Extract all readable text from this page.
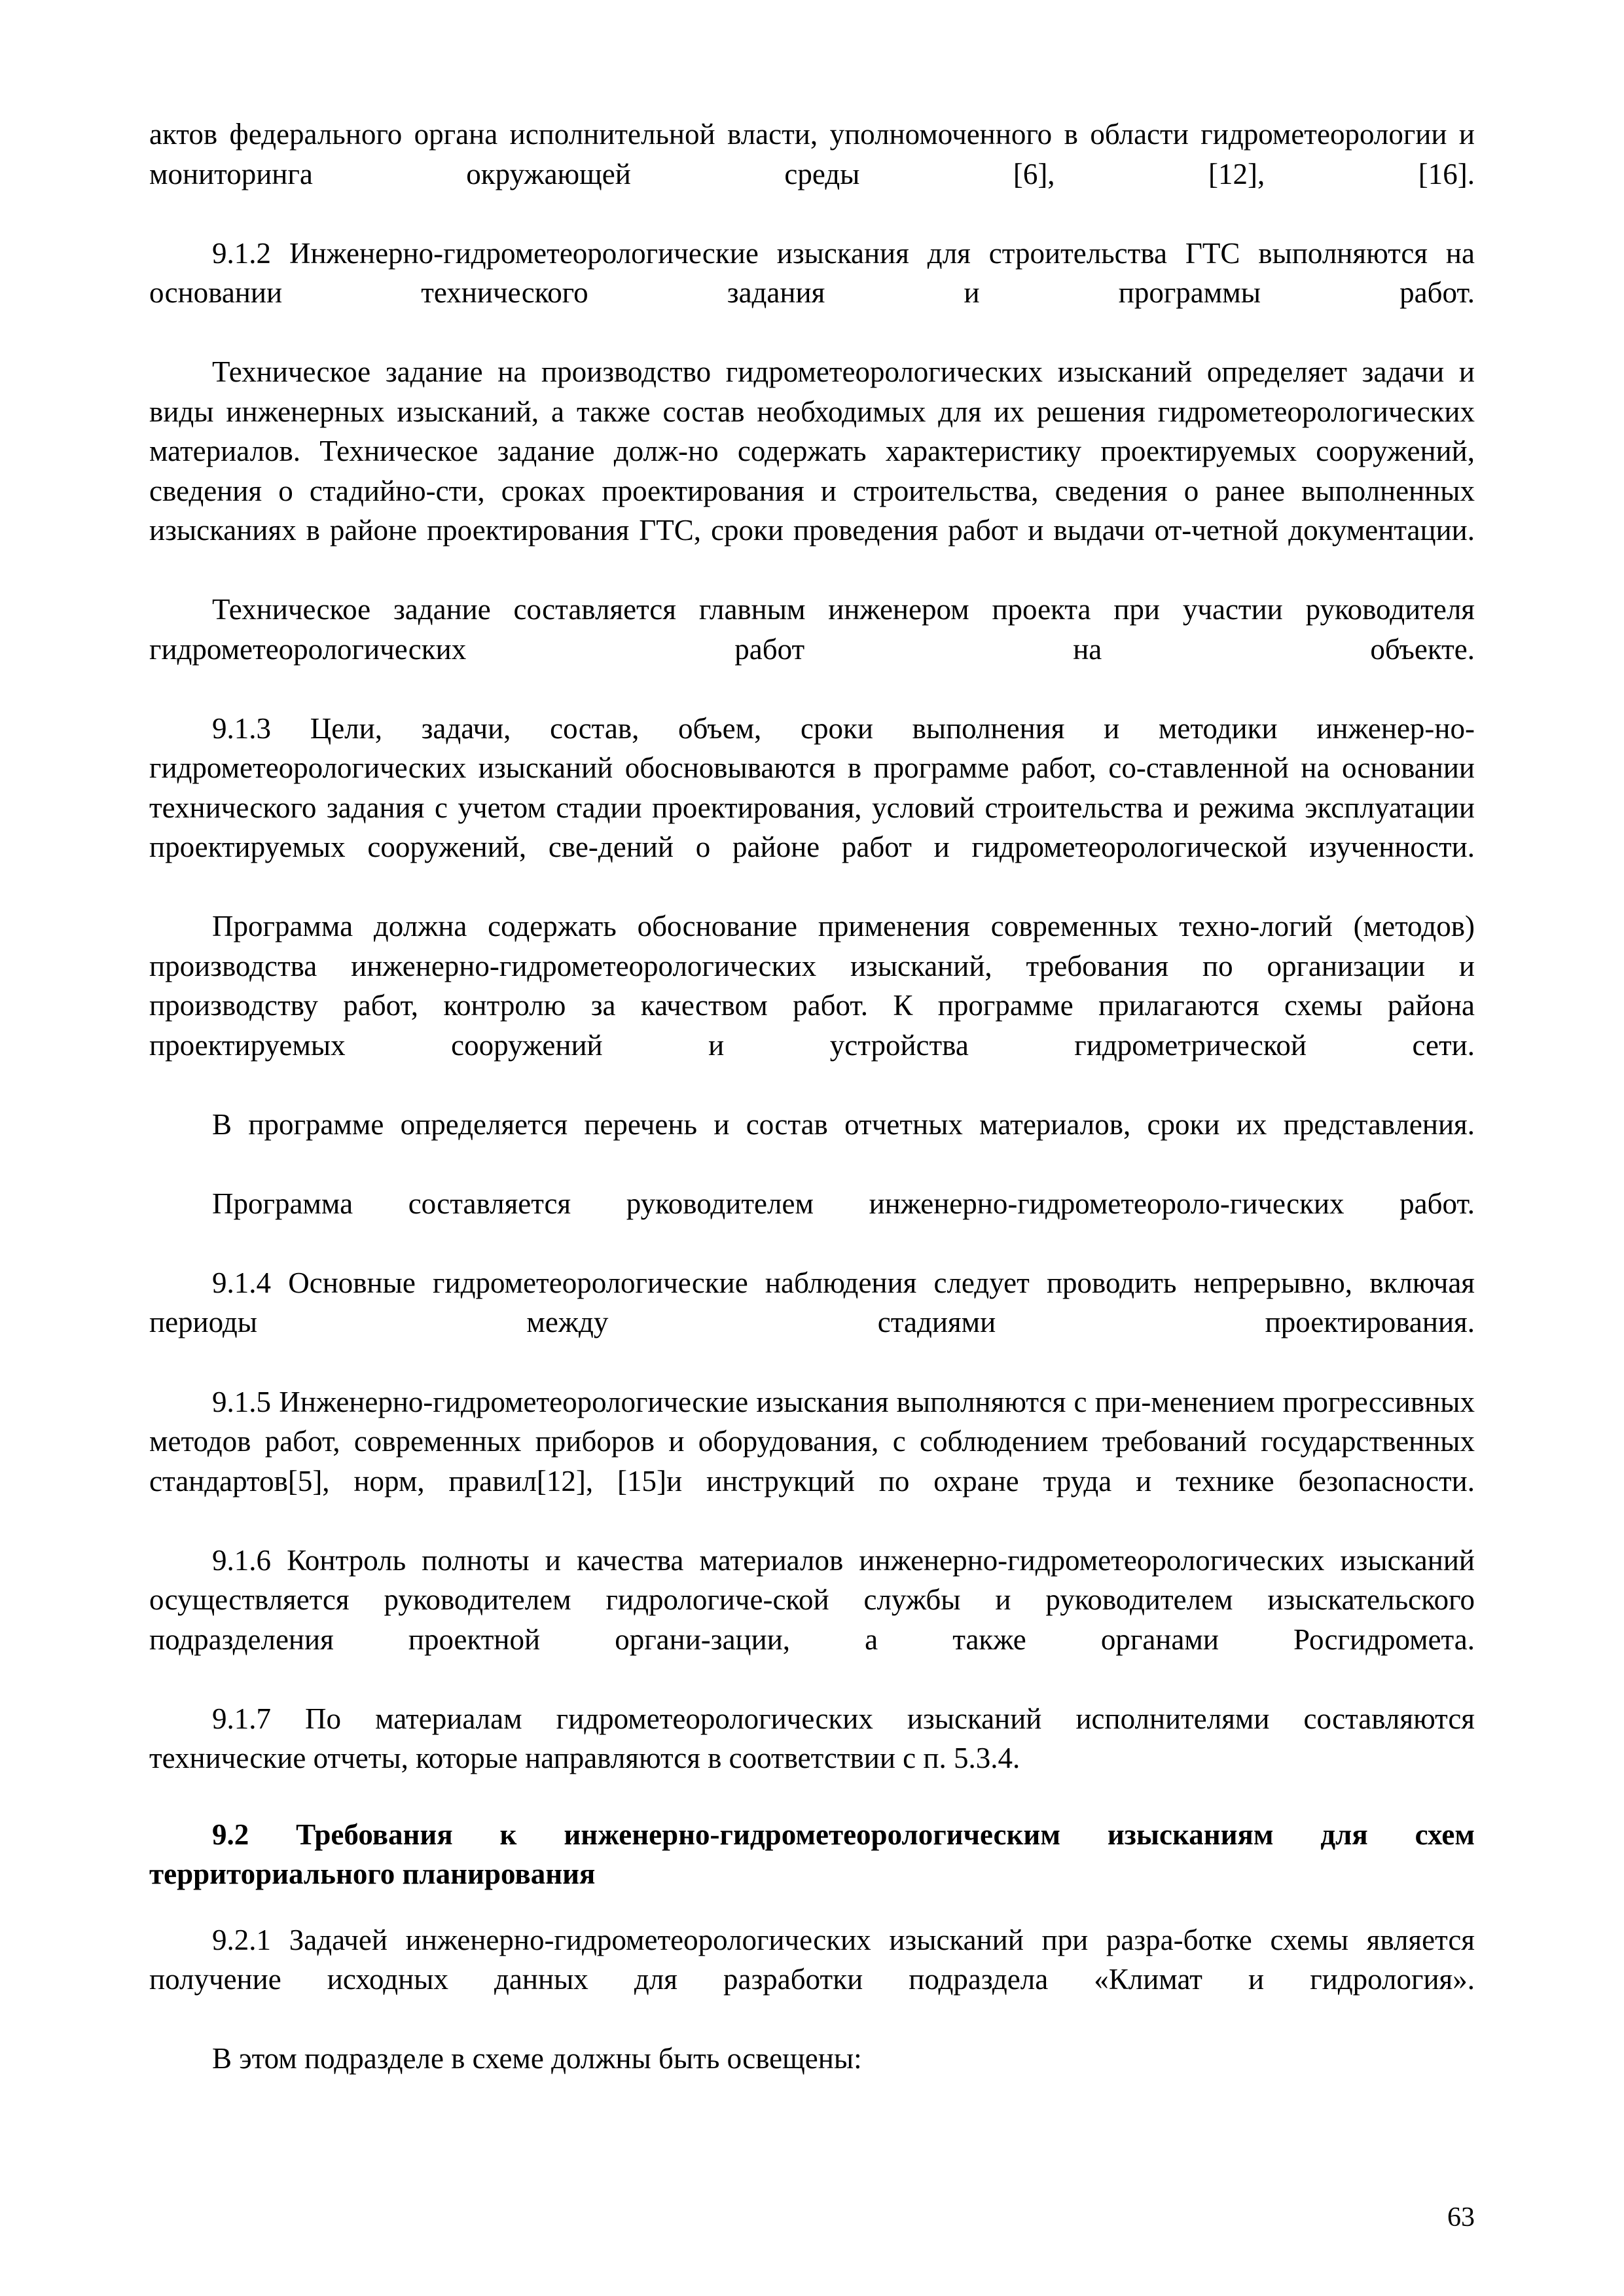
актов федерального органа исполнительной власти, уполномоченного в области гидрометеорологии и мониторинга окружающей среды [6], [12], [16].

9.1.2 Инженерно-гидрометеорологические изыскания для строительства ГТС выполняются на основании технического задания и программы работ.

Техническое задание на производство гидрометеорологических изысканий определяет задачи и виды инженерных изысканий, а также состав необходимых для их решения гидрометеорологических материалов. Техническое задание долж-но содержать характеристику проектируемых сооружений, сведения о стадийно-сти, сроках проектирования и строительства, сведения о ранее выполненных изысканиях в районе проектирования ГТС, сроки проведения работ и выдачи от-четной документации.

Техническое задание составляется главным инженером проекта при участии руководителя гидрометеорологических работ на объекте.

9.1.3 Цели, задачи, состав, объем, сроки выполнения и методики инженер-но-гидрометеорологических изысканий обосновываются в программе работ, со-ставленной на основании технического задания с учетом стадии проектирования, условий строительства и режима эксплуатации проектируемых сооружений, све-дений о районе работ и гидрометеорологической изученности.

Программа должна содержать обоснование применения современных техно-логий (методов) производства инженерно-гидрометеорологических изысканий, требования по организации и производству работ, контролю за качеством работ. К программе прилагаются схемы района проектируемых сооружений и устройства гидрометрической сети.

В программе определяется перечень и состав отчетных материалов, сроки их представления.

Программа составляется руководителем инженерно-гидрометеороло-гических работ.

9.1.4 Основные гидрометеорологические наблюдения следует проводить непрерывно, включая периоды между стадиями проектирования.

9.1.5 Инженерно-гидрометеорологические изыскания выполняются с при-менением прогрессивных методов работ, современных приборов и оборудования, с соблюдением требований государственных стандартов[5], норм, правил[12], [15]и инструкций по охране труда и технике безопасности.

9.1.6 Контроль полноты и качества материалов инженерно-гидрометеорологических изысканий осуществляется руководителем гидрологиче-ской службы и руководителем изыскательского подразделения проектной органи-зации, а также органами Росгидромета.

9.1.7 По материалам гидрометеорологических изысканий исполнителями составляются технические отчеты, которые направляются в соответствии с п. 5.3.4.

9.2 Требования к инженерно-гидрометеорологическим изысканиям для схем территориального планирования

9.2.1 Задачей инженерно-гидрометеорологических изысканий при разра-ботке схемы является получение исходных данных для разработки подраздела «Климат и гидрология».

В этом подразделе в схеме должны быть освещены:

63
